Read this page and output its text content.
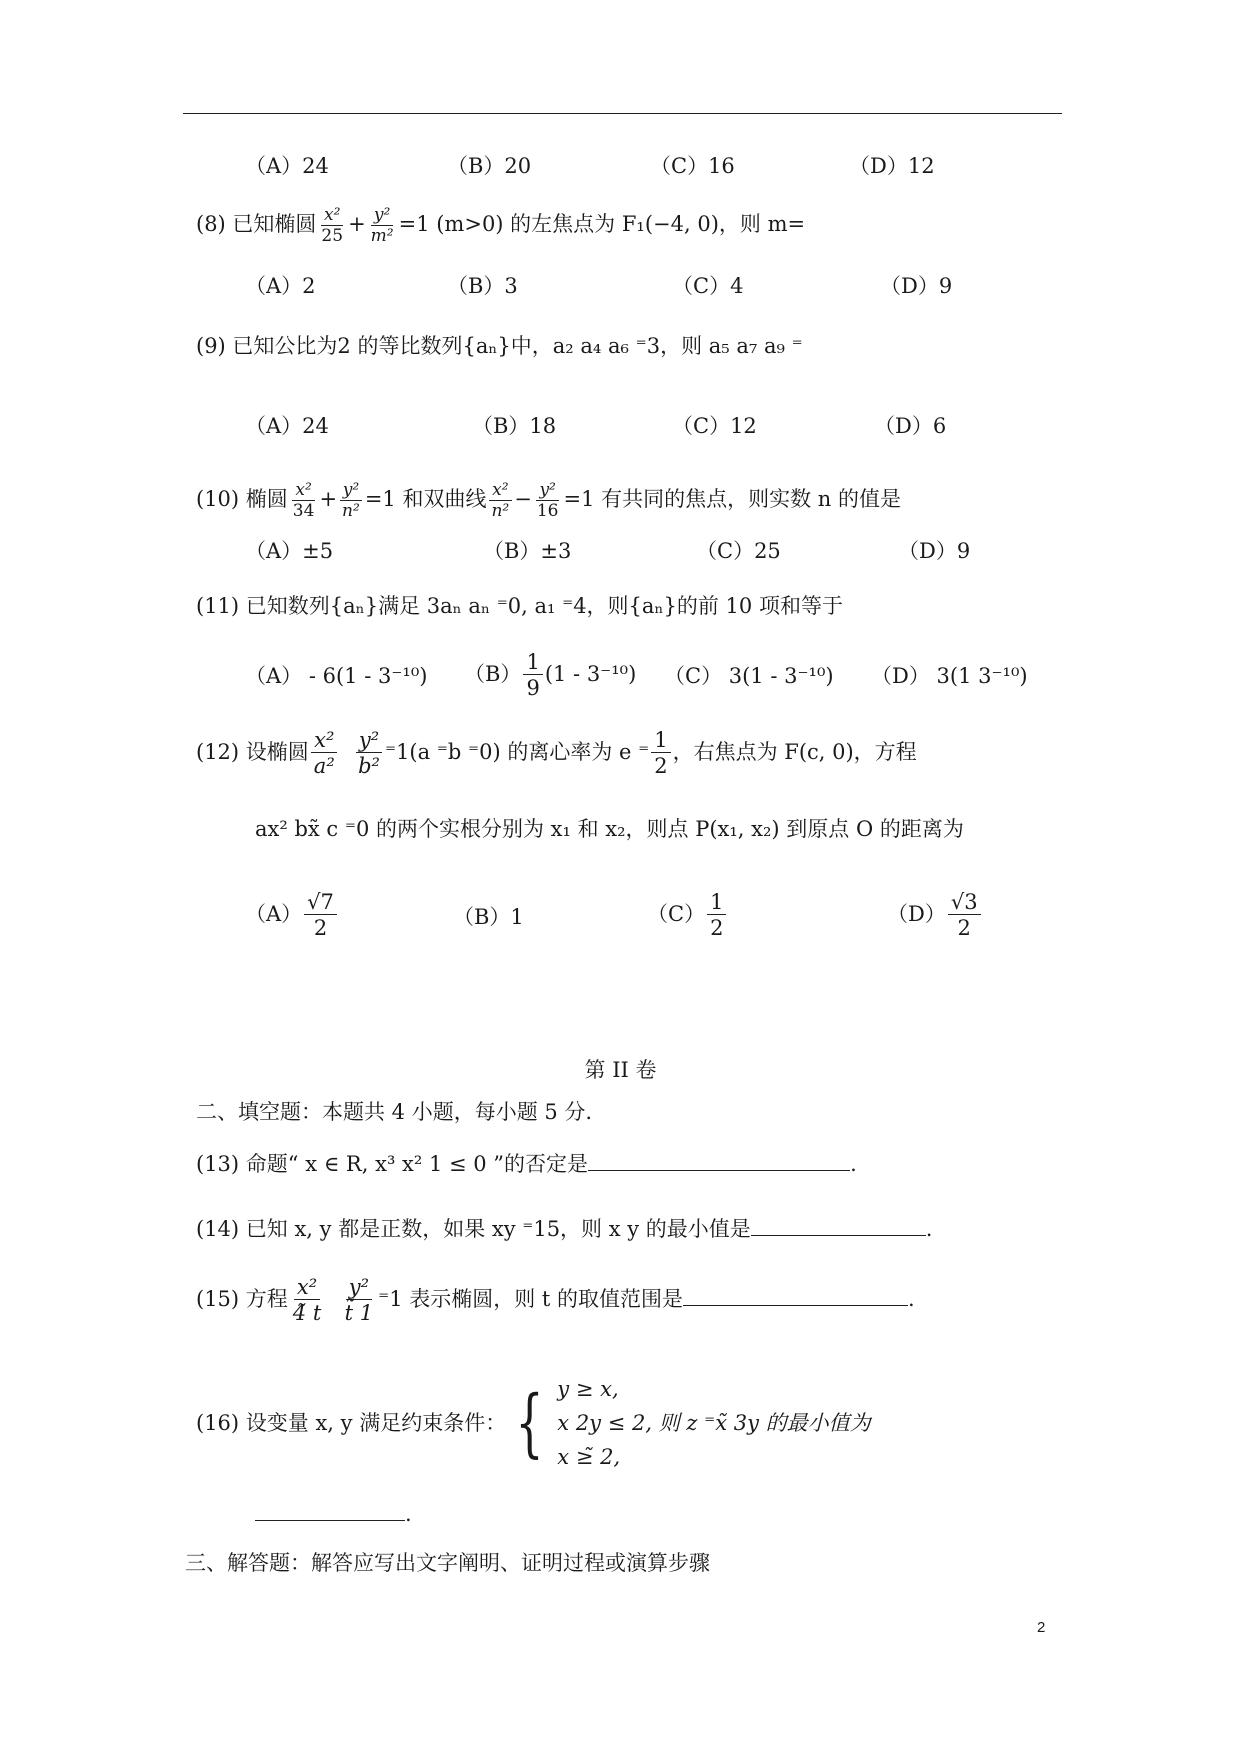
（A）24	（B）20	（C）16	（D）12
(8) 已知椭圆 $\frac{\text{x²}}{25} + \frac{\text{y²}}{\text{m²}} =1$ (m>0) 的左焦点为 F₁(−4, 0)，则 m=
（A）2	（B）3	（C）4	（D）9
(9) 已知公比为2 的等比数列{aₙ}中，a₂ a₄ a₆ ⁼3，则 a₅ a₇ a₉ ⁼
（A）24	（B）18	（C）12	（D）6
(10) 椭圆 $\frac{\text{x²}}{34} + \frac{\text{y²}}{\text{n²}} =1$ 和双曲线 $\frac{\text{x²}}{\text{n²}} - \frac{\text{y²}}{16} =1$ 有共同的焦点，则实数 n 的值是
（A）±5	（B）±3	（C）25	（D）9
(11) 已知数列{aₙ}满足 3aₙ aₙ ⁼0, a₁ ⁼4，则{aₙ}的前 10 项和等于
（A） - 6(1 - 3⁻¹⁰) $(B) \frac{1}{9} (1 - 3^{-10})$ （C） 3(1 - 3⁻¹⁰) （D） 3(1 3⁻¹⁰)
(12) 设椭圆 $\frac{\text{x²}}{\text{a²}}$
$\frac{\text{y²}}{\text{b²}} ^=1(a$ ⁼b ⁼0) 的离心率为 e ⁼ $\frac{1}{2}$ ，右焦点为 F(c, 0)，方程
ax² bx̃ c ⁼0 的两个实根分别为 x₁ 和 x₂，则点 P(x₁, x₂) 到原点 O 的距离为
$(A) \frac{√7}{2}$	（B）1	$(C) \frac{1}{2}$	$(D) \frac{√3}{2}$
第 II 卷
二、填空题：本题共 4 小题，每小题 5 分.
(13) 命题“ x ∈ R, x³ x² 1 ≤ 0 ”的否定是	.
(14) 已知 x, y 都是正数，如果 xy ⁼15，则 x y 的最小值是	.
(15) 方程 $\frac{\text{x²}}{4̃ t}$
$\frac{\text{y²}}{t̃ 1} ^=1$ 表示椭圆，则 t 的取值范围是	.
(16) 设变量 x, y 满足约束条件： { y ≥ x,
x 2y ≤ 2, 则 z ⁼x̃ 3y 的最小值为
x ≥̃ 2,
.
三、解答题：解答应写出文字阐明、证明过程或演算步骤
2
